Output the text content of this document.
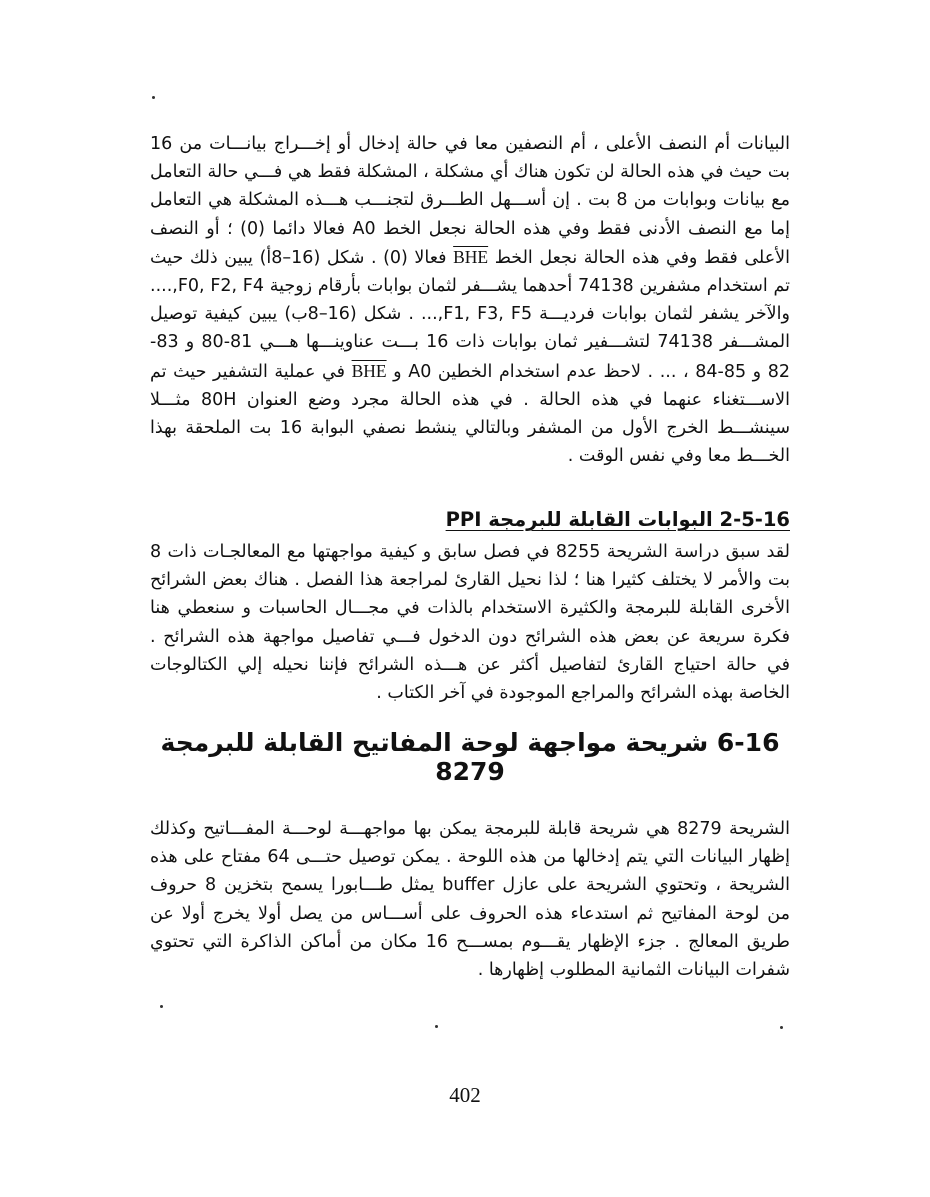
البيانات أم النصف الأعلى ، أم النصفين معا في حالة إدخال أو إخـــراج بيانـــات من 16 بت حيث في هذه الحالة لن تكون هناك أي مشكلة ، المشكلة فقط هي فـــي حالة التعامل مع بيانات وبوابات من 8 بت . إن أســـهل الطـــرق لتجنـــب هـــذه المشكلة هي التعامل إما مع النصف الأدنى فقط وفي هذه الحالة نجعل الخط A0 فعالا دائما (0) ؛ أو النصف الأعلى فقط وفي هذه الحالة نجعل الخط $\overline{BHE}$ فعالا (0) . شكل (16–8أ) يبين ذلك حيث تم استخدام مشفرين 74138 أحدهما يشـــفر لثمان بوابات بأرقام زوجية F0, F2, F4,.... والآخر يشفر لثمان بوابات فرديـــة F1, F3, F5,... . شكل (16–8ب) يبين كيفية توصيل المشـــفر 74138 لتشـــفير ثمان بوابات ذات 16 بـــت عناوينـــها هـــي 81-80 و 83-82 و 85-84 ، ... . لاحظ عدم استخدام الخطين A0 و $\overline{BHE}$ في عملية التشفير حيث تم الاســـتغناء عنهما في هذه الحالة . في هذه الحالة مجرد وضع العنوان 80H مثـــلا سينشـــط الخرج الأول من المشفر وبالتالي ينشط نصفي البوابة 16 بت الملحقة بهذا الخـــط معا وفي نفس الوقت .

2-5-16 البوابات القابلة للبرمجة PPI

لقد سبق دراسة الشريحة 8255 في فصل سابق و كيفية مواجهتها مع المعالجـات ذات 8 بت والأمر لا يختلف كثيرا هنا ؛ لذا نحيل القارئ لمراجعة هذا الفصل . هناك بعض الشرائح الأخرى القابلة للبرمجة والكثيرة الاستخدام بالذات في مجـــال الحاسبات و سنعطي هنا فكرة سريعة عن بعض هذه الشرائح دون الدخول فـــي تفاصيل مواجهة هذه الشرائح . في حالة احتياج القارئ لتفاصيل أكثر عن هـــذه الشرائح فإننا نحيله إلي الكتالوجات الخاصة بهذه الشرائح والمراجع الموجودة في آخر الكتاب .

6-16 شريحة مواجهة لوحة المفاتيح القابلة للبرمجة 8279

الشريحة 8279 هي شريحة قابلة للبرمجة يمكن بها مواجهـــة لوحـــة المفـــاتيح وكذلك إظهار البيانات التي يتم إدخالها من هذه اللوحة . يمكن توصيل حتـــى 64 مفتاح على هذه الشريحة ، وتحتوي الشريحة على عازل buffer يمثل طـــابورا يسمح بتخزين 8 حروف من لوحة المفاتيح ثم استدعاء هذه الحروف على أســـاس من يصل أولا يخرج أولا عن طريق المعالج . جزء الإظهار يقـــوم بمســـح 16 مكان من أماكن الذاكرة التي تحتوي شفرات البيانات الثمانية المطلوب إظهارها .

402
